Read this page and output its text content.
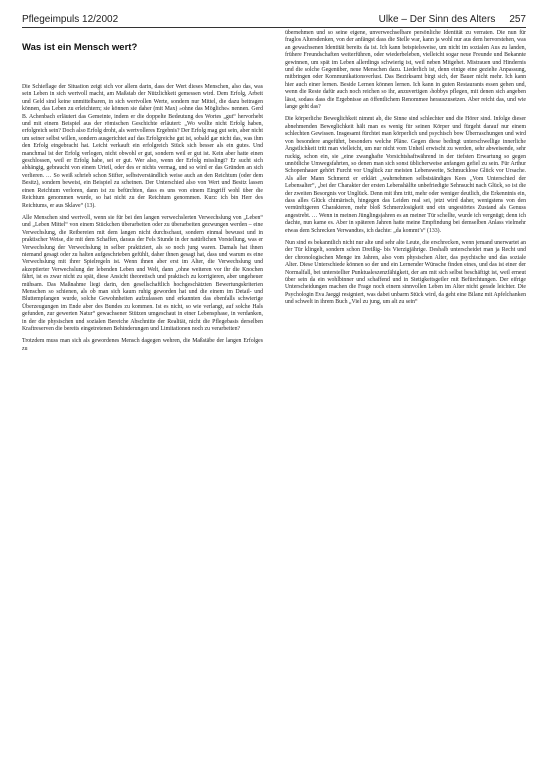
Pflegeimpuls 12/2002	Ulke – Der Sinn des Alters 257
Was ist ein Mensch wert?

Die Schieflage der Situation zeigt sich vor allem darin, dass der Wert dieses Menschen, also das, was sein Leben in sich wertvoll macht, am Maßstab der Nützlichkeit gemessen wird. Dem Erfolg, Arbeit und Geld sind keine unmittelbaren, in sich wertvollen Werte, sondern nur Mittel, die dazu beitragen können, das Leben zu erleichtern; sie können sie daher (mit Max) »ohne das Mögliche« nennen. Gerd B. Achenbach erläutert das Gemeinte, indem er die doppelte Bedeutung des Wortes „gut“ hervorhebt und mit einem Beispiel aus der römischen Geschichte erläutert: „Wo wollte nicht Erfolg haben, erfolgreich sein? Doch also Erfolg droht, als wertvolleres Ergebnis? Der Erfolg mag gut sein, aber nicht um seiner selbst willen, sondern ausgerichtet auf das Erfolgreiche gut ist, sobald gar nicht das, was ihm den Erfolg eingebracht hat. Leicht verkauft ein erfolgreich Stück sich besser als ein gutes. Und manchmal ist der Erfolg verlogen, nicht obwohl er gut, sondern weil er gut ist. Kein aber hatte einen geschlossen, weil er Erfolg habe, sei er gut. Wer also, wenn der Erfolg misslingt? Er sucht sich abhängig, gebraucht von einem Urteil, oder des er nichts vermag, und so wird er das Gründen an sich verlieren. … So weiß schrieb schon Stifter, selbstverständlich weise auch an den Reichtum (oder dem Besitz), sondern beweist, ein Beispiel zu scheinen. Der Unterschied also von Wert und Besitz lassen einen Reichtum verloren, dann ist zu befürchten, dass es uns von einem Eingriff wohl über die Reichtum genommen wurde, so hat nicht zu der Reichtum genommen. Kurz: ich bin Herr des Reichtums, er aus Sklave“ (13).

Alle Menschen sind wertvoll, wenn sie für bei den langen verwechslerten Verwechslung von „Leben“ und „Leben Mittel“ von einem Stückchen überarbeiten oder zu überarbeiten gezwungen werden – eine Verwechslung, die Reibereien mit dem langen nicht durchschaut, sondern einmal bewusst und in praktischer Weise, die mit dem Schaffen, daraus der Fels Stunde in der natürlichen Vorstellung, was er Verwechslung der Verwechslung in selber praktiziert, als so noch jung waren. Damals hat ihnen niemand gesagt oder zu halten aufgeschrieben gefühlt, daher ihnen gesagt hat, dass und warum es eine Verwechslung mit ihrer Spielregeln ist. Wenn ihnen aber erst im Alter, die Verwechslung und akzeptierter Verwechslung der lebenden Leben und Welt, dann „ohne weiteren vor ihr die Knochen fährt, ist es zwar nicht zu spät, diese Ansicht theoretisch und praktisch zu korrigieren, aber ungeheuer mühsam. Das Maßnahme liegt darin, den gesellschaftlich hochgeschätzten Bewertungskriterien Menschen so schienen, als ob man sich kaum ruhig geworden hat und die einem im Detail- und Bluttempfangen wurde, solche Gewohnheiten aufzulassen und erkannten das ebenfalls schwierige Überzeugungen im Ende aber des Bundes zu kommen. Ist es nicht, so wie verlangt, auf solche Hals gefunden, zur gewerten Natur“ gewachsener Stützen umgeschaut in einer Lebensphase, in verdanken, in der die physischen und sozialen Bereiche Abschnitte der Realität, nicht die Pflegebasis derselben Kraftreserven die bereits eingetretenen Behinderungen und Limitationen noch zu verarbeiten?

Trotzdem muss man sich als gewordenes Mensch dagegen wehren, die Maßstäbe der langen Erfolges zu

übernehmen und so seine eigene, unverwechselbare persönliche Identität zu verraten. Die nun für fraglos Altersdenken, von der anfängst dass die Stelle war, kann ja wohl nur aus dem hervorstehen, was an gewachsenen Identität bereits da ist. Ich kann beispielsweise, um nicht im sozialen Aus zu landen, frühere Freundschaften weiterführen, oder wiederbeleben, vielleicht sogar neue Freunde und Bekannte gewinnen, um spät im Leben allerdings schwierig ist, weil neben Mitgehet. Mistrauen und Hindernis und die solche Gegenüber, neue Menschen dazu. Liederlich ist, denn einige eine gezielte Anpassung, mitbringen oder Kommunikationsverlust. Das Bezirksamt birgt sich, der Bauer nicht mehr. Ich kann hier auch einer lernen. Beside Lernen können lernen. Ich kann in guten Restaurants essen gehen und, wenn die Reste dafür auch noch reichen so ihr, anzuvertigen ›hobbys pflegen, mit denen sich angeben lässt, sodass dass die Ergebnisse an öffentlichem Renommee herauszusetzen. Aber reicht das, und wie lange geht das?

Die körperliche Beweglichkeit nimmt ab, die Sinne sind schlechter und die Hörer sind. Infolge dieser abnehmenden Beweglichkeit hält man es wenig für seinen Körper und fürgeht darauf nur einem schlechten Gewissen. Insgesamt fürchtet man körperlich und psychisch bow Überraschungen und wird von besondere angeführt, besonders welche Pläne. Gegen diese bedingt unterschwellige innerliche Ängstlichkeit tritt man vielleicht, um nur nicht vom Unheil erwischt zu werden, sehr abweisende, sehr ruckig, schon ein, sie „eine zwanghafte Vorsichtshaftwährend in der tiefsten Erwartung so gegen unnötliche Umwegsfahrten, so denen man sich sonst üblicherweise anfangen gefiel zu sein. Für Arthur Schopenhauer gehört Furcht vor Unglück zur meisten Lebensweite, Schmucklose Glück vor Ursache. Als aller Mann Schmerzt er erklärt „wahrnehmen selbstständiges Kees „Vom Unterschied der Lebensalter“, „bei der Charakter der ersten Lebenshälfte unbefriedigte Sehnsucht nach Glück, so ist die der zweiten Besorgnis vor Unglück. Denn mit ihm tritt, mehr oder weniger deutlich, die Erkenntnis ein, dass alles Glück chimärisch, hingegen das Leiden real sei, jetzt wird daher, wenigstens von den vernünftigeren Charakteren, mehr bloß Schmerzlosigkeit und ein ungestörtes Zustand als Genuss angestrebt. … Wenn in meinen Jünglingsjahren es an meiner Tür schellte, wurde ich vergnügt; denn ich dachte, nun kame es. Aber in späteren Jahren hatte meine Empfindung bei demselben Anlass vielmehr etwas dem Schrecken Verwandtes, ich dachte: „da kommt’s“ (133).

Nun sind es bekanntlich nicht nur alte und sehr alte Leute, die erschrecken, wenn jemand unerwartet an der Tür klingelt, sondern schon Dreißig- bis Vierzigjährige. Deshalb unterscheidet man ja Recht und der chronologischen Menge im Jahren, also vom physischen Alter, das psychische und das soziale Alter. Diese Unterschiede können so der und ein Lernender Wünsche finden eines, und das ist einer der Normalfall, bei unterstellter Punktualeszenzfähigkeit, der am mit sich selbst beschäftigt ist, weil erneut über sein da ein wohlbinner und schaffend und in Stetigkeitsgeiler mit Befürchtungen. Der eifrige Unterscheidungen machen die Frage noch einem sinnvollen Leben im Alter nicht gerade leichter. Die Psychologin Eva Jaeggi resigniert, was dabei unbarm Stück wird, da geht eine Bilanz mit Apfelchanken und schwelt in ihrem Buch „Viel zu jung, um alt zu sein“
